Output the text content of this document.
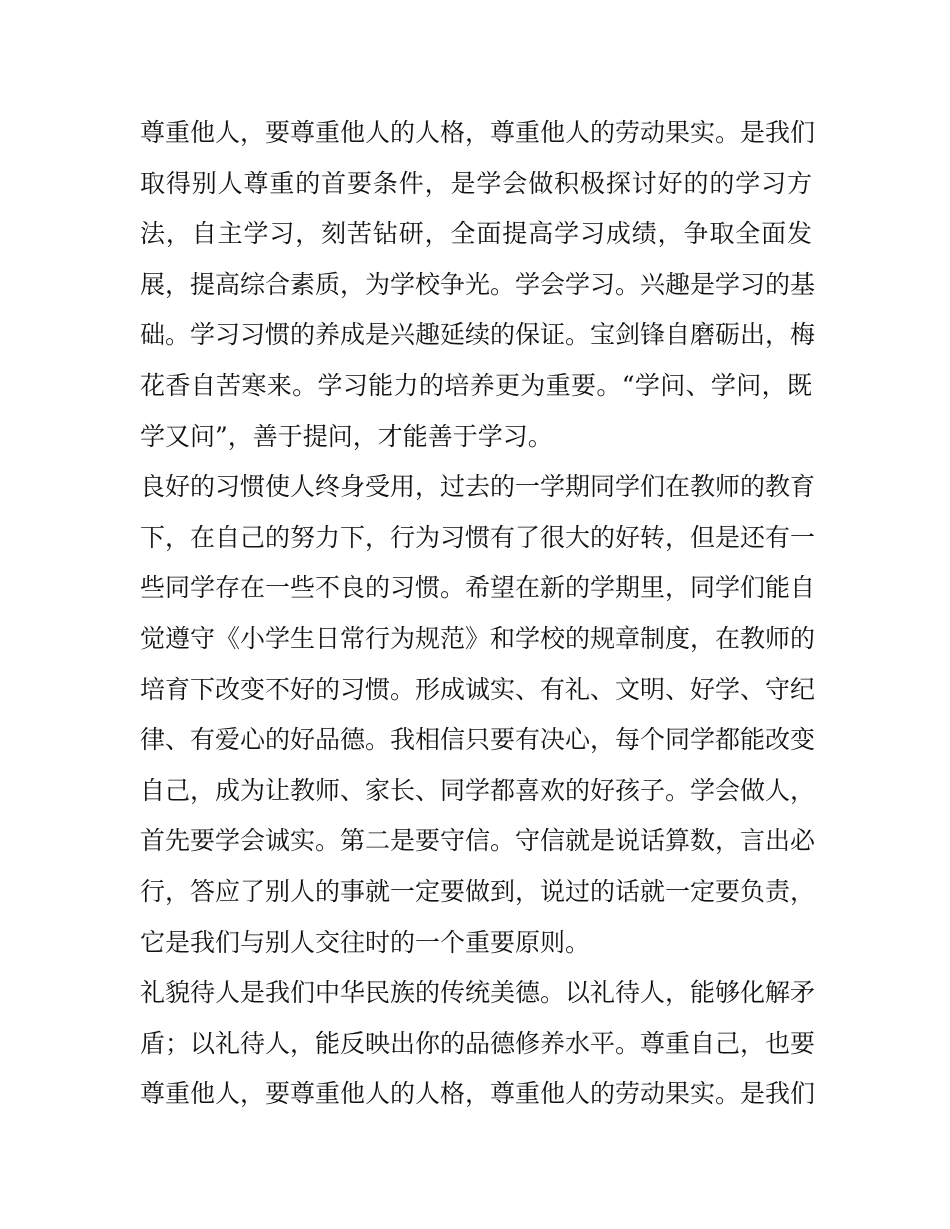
尊重他人，要尊重他人的人格，尊重他人的劳动果实。是我们
取得别人尊重的首要条件，是学会做积极探讨好的的学习方
法，自主学习，刻苦钻研，全面提高学习成绩，争取全面发
展，提高综合素质，为学校争光。学会学习。兴趣是学习的基
础。学习习惯的养成是兴趣延续的保证。宝剑锋自磨砺出，梅
花香自苦寒来。学习能力的培养更为重要。“学问、学问，既
学又问”，善于提问，才能善于学习。
良好的习惯使人终身受用，过去的一学期同学们在教师的教育
下，在自己的努力下，行为习惯有了很大的好转，但是还有一
些同学存在一些不良的习惯。希望在新的学期里，同学们能自
觉遵守《小学生日常行为规范》和学校的规章制度，在教师的
培育下改变不好的习惯。形成诚实、有礼、文明、好学、守纪
律、有爱心的好品德。我相信只要有决心，每个同学都能改变
自己，成为让教师、家长、同学都喜欢的好孩子。学会做人，
首先要学会诚实。第二是要守信。守信就是说话算数，言出必
行，答应了别人的事就一定要做到，说过的话就一定要负责，
它是我们与别人交往时的一个重要原则。
礼貌待人是我们中华民族的传统美德。以礼待人，能够化解矛
盾；以礼待人，能反映出你的品德修养水平。尊重自己，也要
尊重他人，要尊重他人的人格，尊重他人的劳动果实。是我们
